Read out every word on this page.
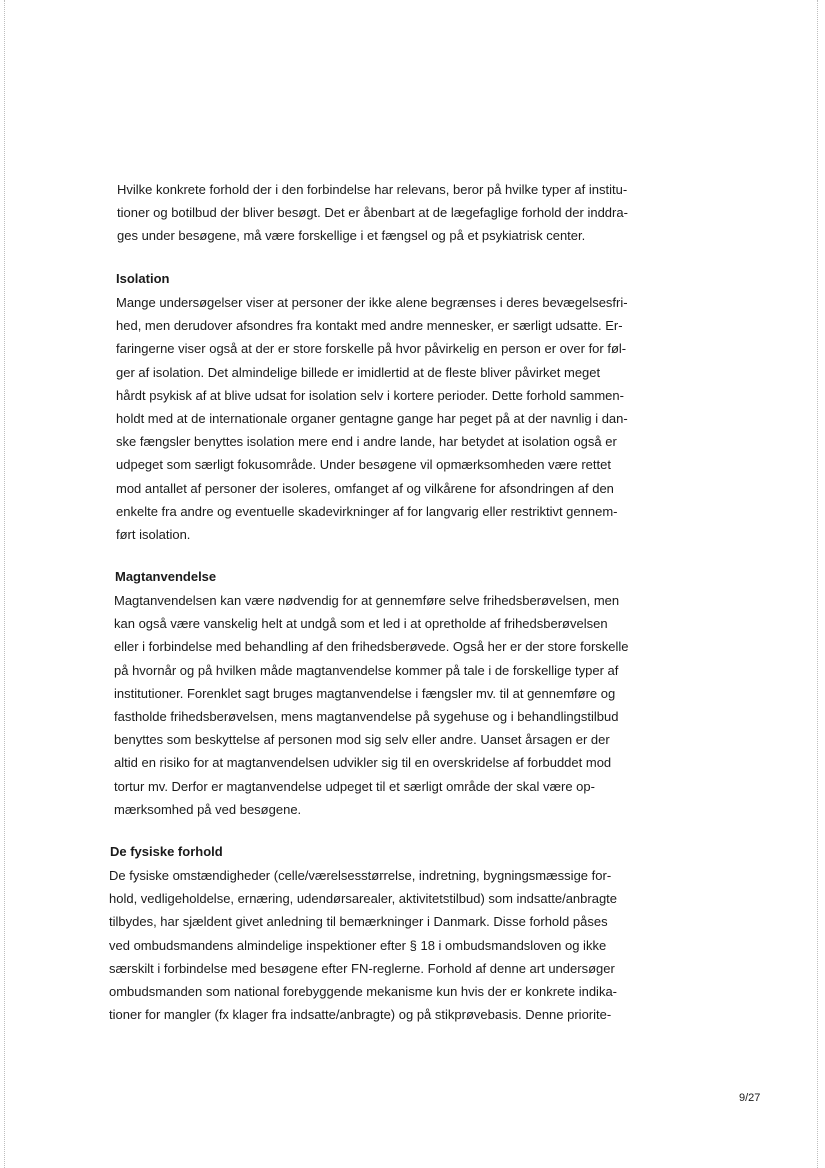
Hvilke konkrete forhold der i den forbindelse har relevans, beror på hvilke typer af institu-
tioner og botilbud der bliver besøgt. Det er åbenbart at de lægefaglige forhold der inddra-
ges under besøgene, må være forskellige i et fængsel og på et psykiatrisk center.

Isolation

Mange undersøgelser viser at personer der ikke alene begrænses i deres bevægelsesfri-
hed, men derudover afsondres fra kontakt med andre mennesker, er særligt udsatte. Er-
faringerne viser også at der er store forskelle på hvor påvirkelig en person er over for føl-
ger af isolation. Det almindelige billede er imidlertid at de fleste bliver påvirket meget
hårdt psykisk af at blive udsat for isolation selv i kortere perioder. Dette forhold sammen-
holdt med at de internationale organer gentagne gange har peget på at der navnlig i dan-
ske fængsler benyttes isolation mere end i andre lande, har betydet at isolation også er
udpeget som særligt fokusområde. Under besøgene vil opmærksomheden være rettet
mod antallet af personer der isoleres, omfanget af og vilkårene for afsondringen af den
enkelte fra andre og eventuelle skadevirkninger af for langvarig eller restriktivt gennem-
ført isolation.

Magtanvendelse

Magtanvendelsen kan være nødvendig for at gennemføre selve frihedsberøvelsen, men
kan også være vanskelig helt at undgå som et led i at opretholde af frihedsberøvelsen
eller i forbindelse med behandling af den frihedsberøvede. Også her er der store forskelle
på hvornår og på hvilken måde magtanvendelse kommer på tale i de forskellige typer af
institutioner. Forenklet sagt bruges magtanvendelse i fængsler mv. til at gennemføre og
fastholde frihedsberøvelsen, mens magtanvendelse på sygehuse og i behandlingstilbud
benyttes som beskyttelse af personen mod sig selv eller andre. Uanset årsagen er der
altid en risiko for at magtanvendelsen udvikler sig til en overskridelse af forbuddet mod
tortur mv. Derfor er magtanvendelse udpeget til et særligt område der skal være op-
mærksomhed på ved besøgene.

De fysiske forhold

De fysiske omstændigheder (celle/værelsesstørrelse, indretning, bygningsmæssige for-
hold, vedligeholdelse, ernæring, udendørsarealer, aktivitetstilbud) som indsatte/anbragte
tilbydes, har sjældent givet anledning til bemærkninger i Danmark. Disse forhold påses
ved ombudsmandens almindelige inspektioner efter § 18 i ombudsmandsloven og ikke
særskilt i forbindelse med besøgene efter FN-reglerne. Forhold af denne art undersøger
ombudsmanden som national forebyggende mekanisme kun hvis der er konkrete indika-
tioner for mangler (fx klager fra indsatte/anbragte) og på stikprøvebasis. Denne priorite-

9/27
